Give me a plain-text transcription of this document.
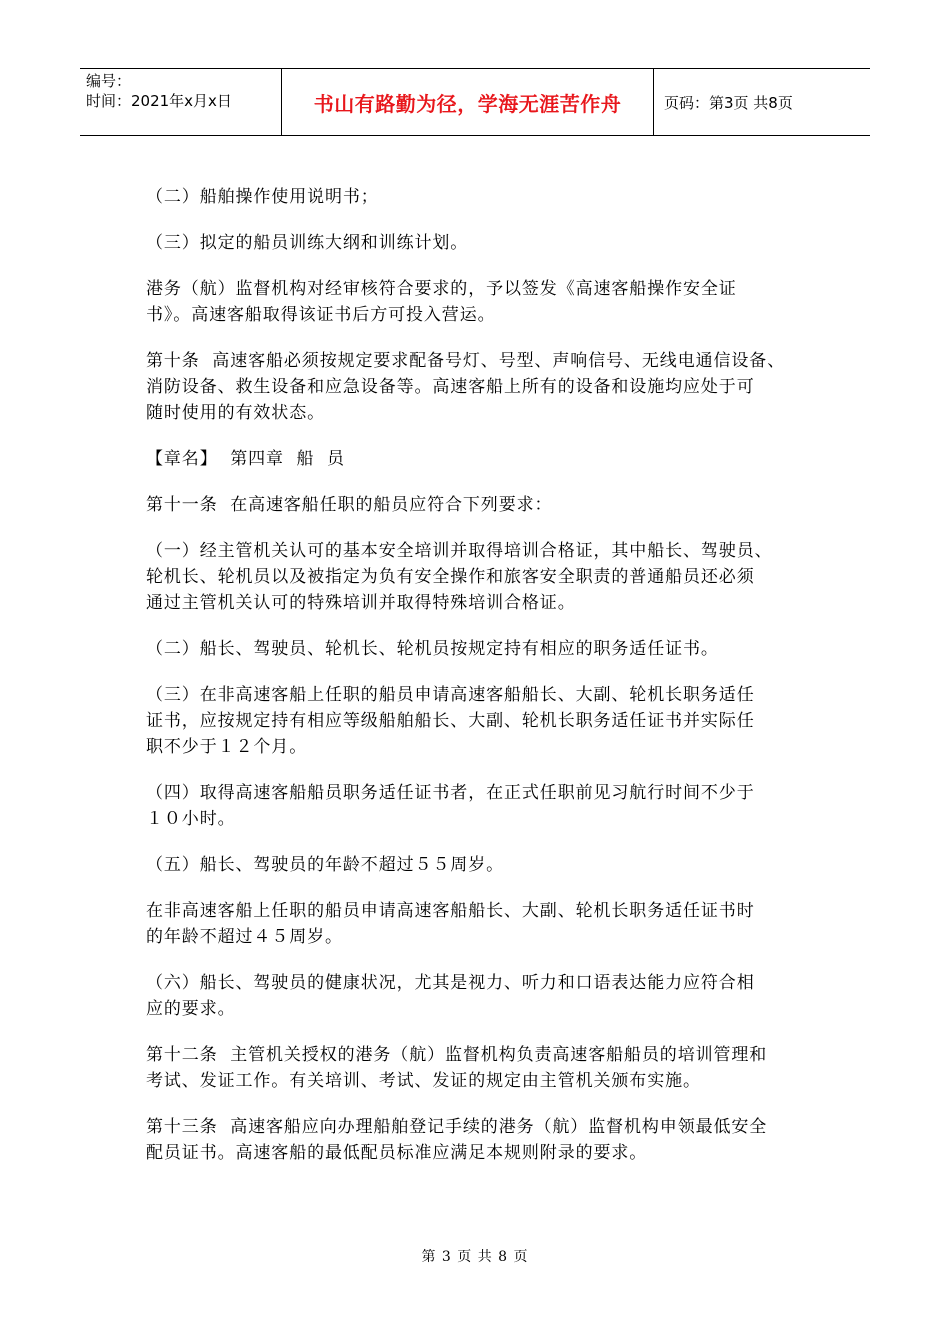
编号：
时间：2021年x月x日	书山有路勤为径，学海无涯苦作舟	页码：第3页 共8页

（二）船舶操作使用说明书；

（三）拟定的船员训练大纲和训练计划。

港务（航）监督机构对经审核符合要求的，予以签发《高速客船操作安全证
书》。高速客船取得该证书后方可投入营运。

第十条  高速客船必须按规定要求配备号灯、号型、声响信号、无线电通信设备、
消防设备、救生设备和应急设备等。高速客船上所有的设备和设施均应处于可
随时使用的有效状态。

【章名】  第四章  船  员

第十一条  在高速客船任职的船员应符合下列要求：

（一）经主管机关认可的基本安全培训并取得培训合格证，其中船长、驾驶员、
轮机长、轮机员以及被指定为负有安全操作和旅客安全职责的普通船员还必须
通过主管机关认可的特殊培训并取得特殊培训合格证。

（二）船长、驾驶员、轮机长、轮机员按规定持有相应的职务适任证书。

（三）在非高速客船上任职的船员申请高速客船船长、大副、轮机长职务适任
证书，应按规定持有相应等级船舶船长、大副、轮机长职务适任证书并实际任
职不少于１２个月。

（四）取得高速客船船员职务适任证书者，在正式任职前见习航行时间不少于
１０小时。

（五）船长、驾驶员的年龄不超过５５周岁。

在非高速客船上任职的船员申请高速客船船长、大副、轮机长职务适任证书时
的年龄不超过４５周岁。

（六）船长、驾驶员的健康状况，尤其是视力、听力和口语表达能力应符合相
应的要求。

第十二条  主管机关授权的港务（航）监督机构负责高速客船船员的培训管理和
考试、发证工作。有关培训、考试、发证的规定由主管机关颁布实施。

第十三条  高速客船应向办理船舶登记手续的港务（航）监督机构申领最低安全
配员证书。高速客船的最低配员标准应满足本规则附录的要求。

第 3 页 共 8 页
